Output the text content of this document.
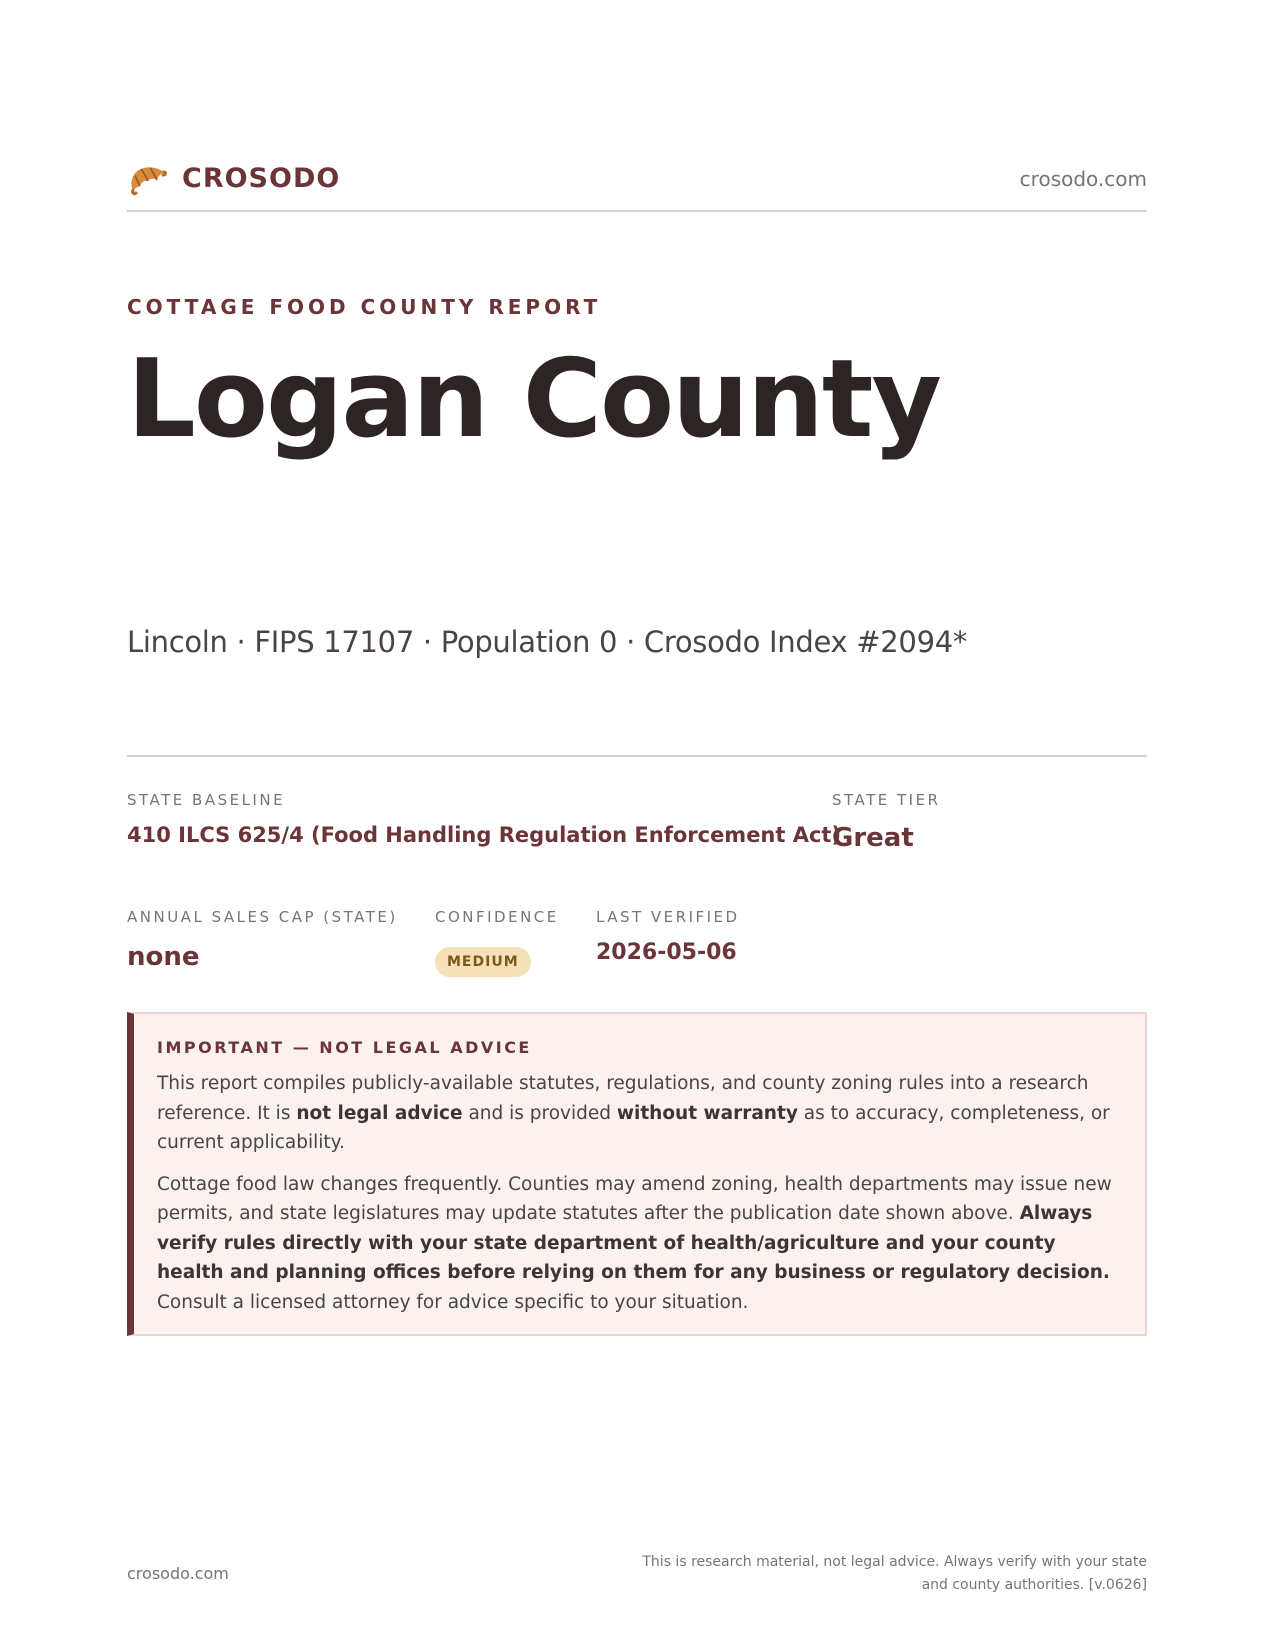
CROSODO	crosodo.com
COTTAGE FOOD COUNTY REPORT
Logan County
Lincoln · FIPS 17107 · Population 0 · Crosodo Index #2094*
STATE BASELINE
410 ILCS 625/4 (Food Handling Regulation Enforcement Act)
STATE TIER
Great
ANNUAL SALES CAP (STATE)
none
CONFIDENCE
MEDIUM
LAST VERIFIED
2026-05-06
IMPORTANT — NOT LEGAL ADVICE

This report compiles publicly-available statutes, regulations, and county zoning rules into a research reference. It is not legal advice and is provided without warranty as to accuracy, completeness, or current applicability.

Cottage food law changes frequently. Counties may amend zoning, health departments may issue new permits, and state legislatures may update statutes after the publication date shown above. Always verify rules directly with your state department of health/agriculture and your county health and planning offices before relying on them for any business or regulatory decision. Consult a licensed attorney for advice specific to your situation.

crosodo.com
This is research material, not legal advice. Always verify with your state
and county authorities. [v.0626]
